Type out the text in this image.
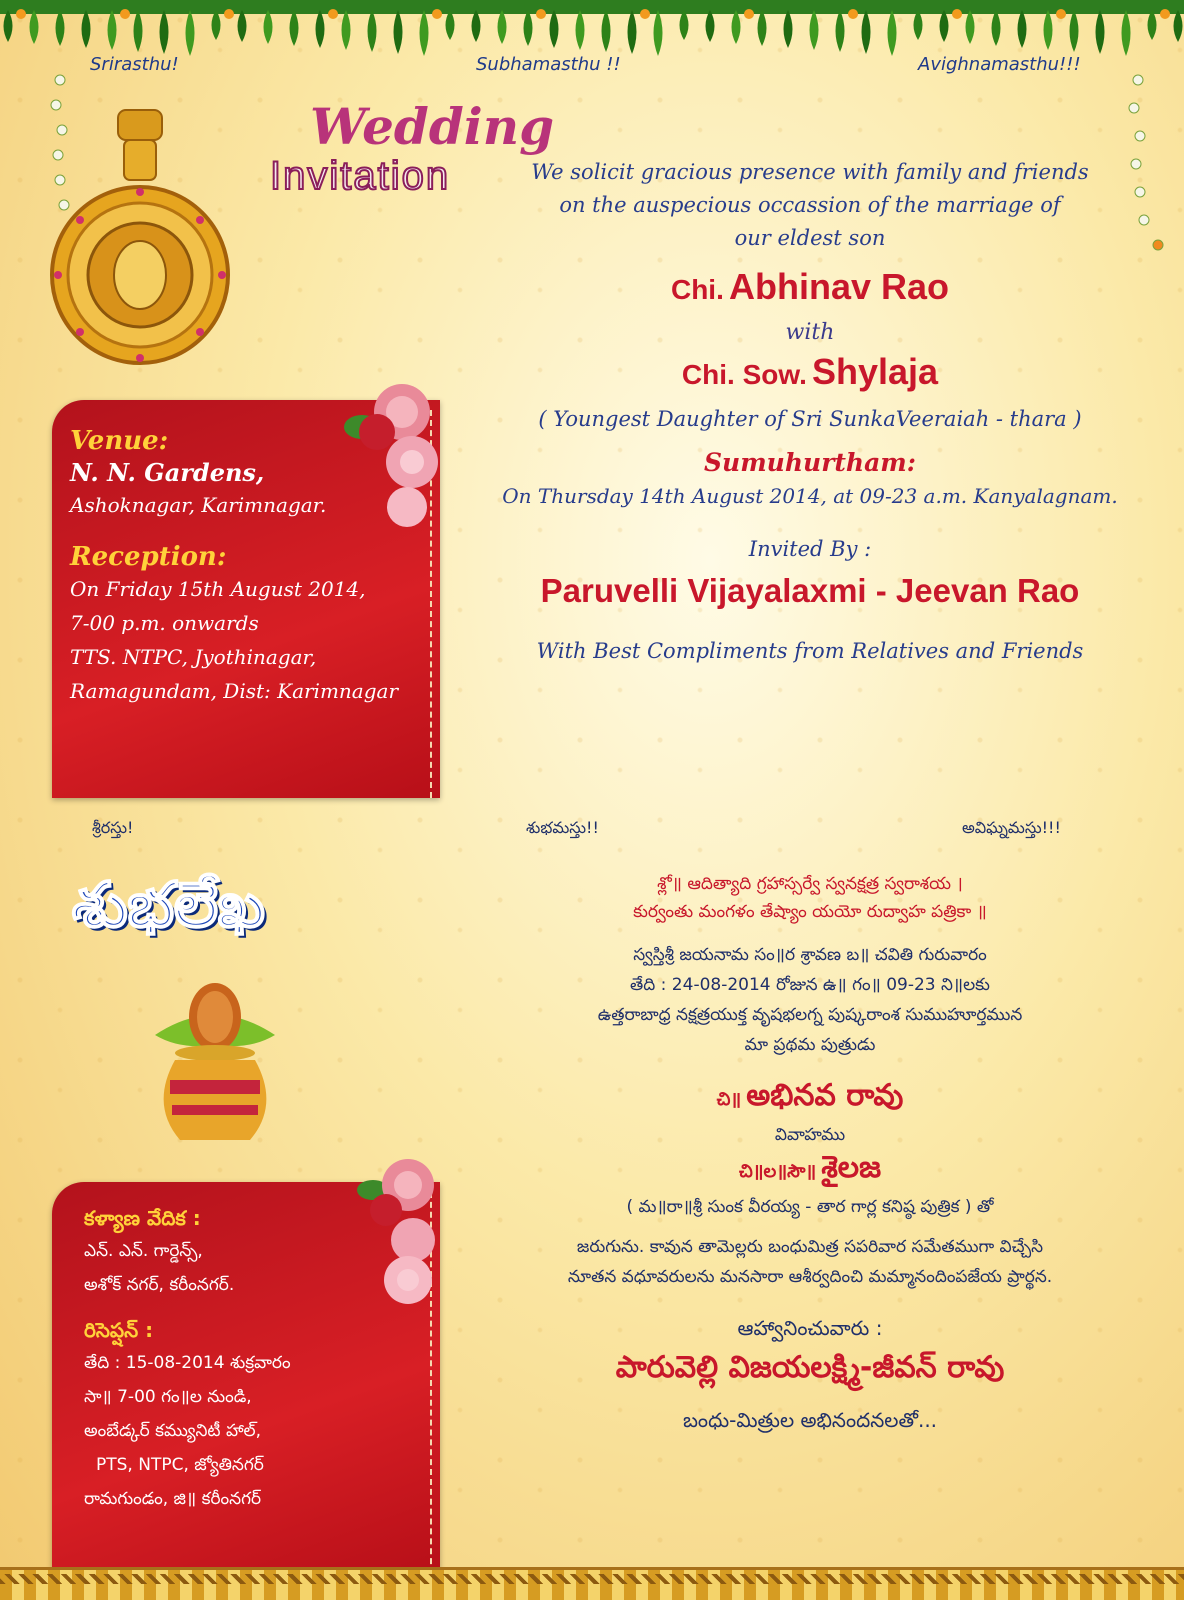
Srirasthu!	Subhamasthu !!	Avighnamasthu!!!
Wedding
Invitation	We solicit gracious presence with family and friends
on the auspecious occassion of the marriage of
our eldest son
Chi. Abhinav Rao
with
Chi. Sow. Shylaja
( Youngest Daughter of Sri SunkaVeeraiah - thara )
Sumuhurtham:
On Thursday 14th August 2014, at 09-23 a.m. Kanyalagnam.
Invited By :
Paruvelli Vijayalaxmi - Jeevan Rao
With Best Compliments from Relatives and Friends
Venue:
N. N. Gardens,
Ashoknagar, Karimnagar.
Reception:
On Friday 15th August 2014,
7-00 p.m. onwards
TTS. NTPC, Jyothinagar,
Ramagundam, Dist: Karimnagar
శ్రీరస్తు!	శుభమస్తు!!	అవిఘ్నమస్తు!!!
శుభలేఖ	శ్లో॥ ఆదిత్యాది గ్రహాస్సర్వే స్వనక్షత్ర స్వరాశయ ।
కుర్వంతు మంగళం తేష్యాం యయో రుద్వాహ పత్రికా ॥
స్వస్తిశ్రీ జయనామ సం॥ర శ్రావణ బ॥ చవితి గురువారం
తేది : 24-08-2014 రోజున ఉ॥ గం॥ 09-23 ని॥లకు
ఉత్తరాబాధ్ర నక్షత్రయుక్త వృషభలగ్న పుష్కరాంశ సుముహూర్తమున
మా ప్రథమ పుత్రుడు
చి॥ అభినవ రావు
వివాహము
చి॥ల॥సౌ॥ శైలజ
( మ॥రా॥శ్రీ సుంక వీరయ్య - తార గార్ల కనిష్ఠ పుత్రిక ) తో
జరుగును. కావున తామెల్లరు బంధుమిత్ర సపరివార సమేతముగా విచ్చేసి
నూతన వధూవరులను మనసారా ఆశీర్వదించి మమ్మానందింపజేయ ప్రార్థన.
ఆహ్వానించువారు :
పారువెల్లి విజయలక్ష్మి-జీవన్ రావు
బంధు-మిత్రుల అభినందనలతో...
కళ్యాణ వేదిక :
ఎన్. ఎన్. గార్డెన్స్,
అశోక్ నగర్, కరీంనగర్.
రిసెప్షన్ :
తేది : 15-08-2014 శుక్రవారం
సా॥ 7-00 గం॥ల నుండి,
అంబేడ్కర్ కమ్యునిటీ హాల్,
PTS, NTPC, జ్యోతినగర్
రామగుండం, జి॥ కరీంనగర్
